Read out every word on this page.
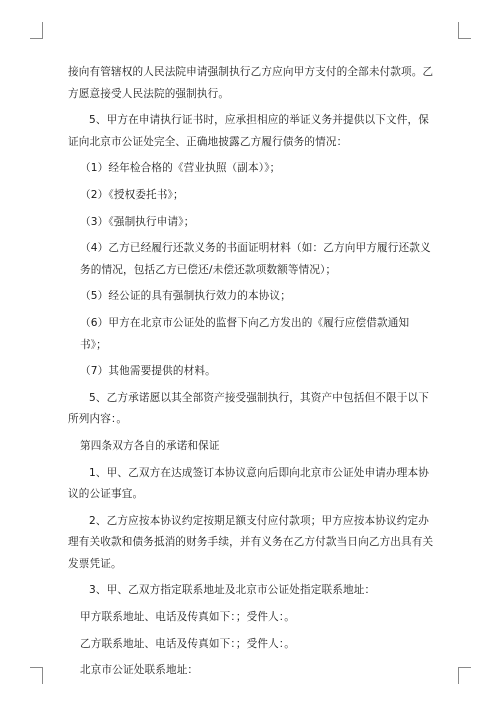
接向有管辖权的人民法院申请强制执行乙方应向甲方支付的全部未付款项。乙方愿意接受人民法院的强制执行。

5、甲方在申请执行证书时，应承担相应的举证义务并提供以下文件，保证向北京市公证处完全、正确地披露乙方履行债务的情况：

（1）经年检合格的《营业执照（副本）》；

（2）《授权委托书》；

（3）《强制执行申请》；

（4）乙方已经履行还款义务的书面证明材料（如：乙方向甲方履行还款义务的情况，包括乙方已偿还/未偿还款项数额等情况）；

（5）经公证的具有强制执行效力的本协议；

（6）甲方在北京市公证处的监督下向乙方发出的《履行应偿借款通知书》；

（7）其他需要提供的材料。

5、乙方承诺愿以其全部资产接受强制执行，其资产中包括但不限于以下所列内容：。

第四条双方各自的承诺和保证

1、甲、乙双方在达成签订本协议意向后即向北京市公证处申请办理本协议的公证事宜。

2、乙方应按本协议约定按期足额支付应付款项；甲方应按本协议约定办理有关收款和债务抵消的财务手续，并有义务在乙方付款当日向乙方出具有关发票凭证。

3、甲、乙双方指定联系地址及北京市公证处指定联系地址：

甲方联系地址、电话及传真如下：；受件人：。

乙方联系地址、电话及传真如下：；受件人：。

北京市公证处联系地址：
